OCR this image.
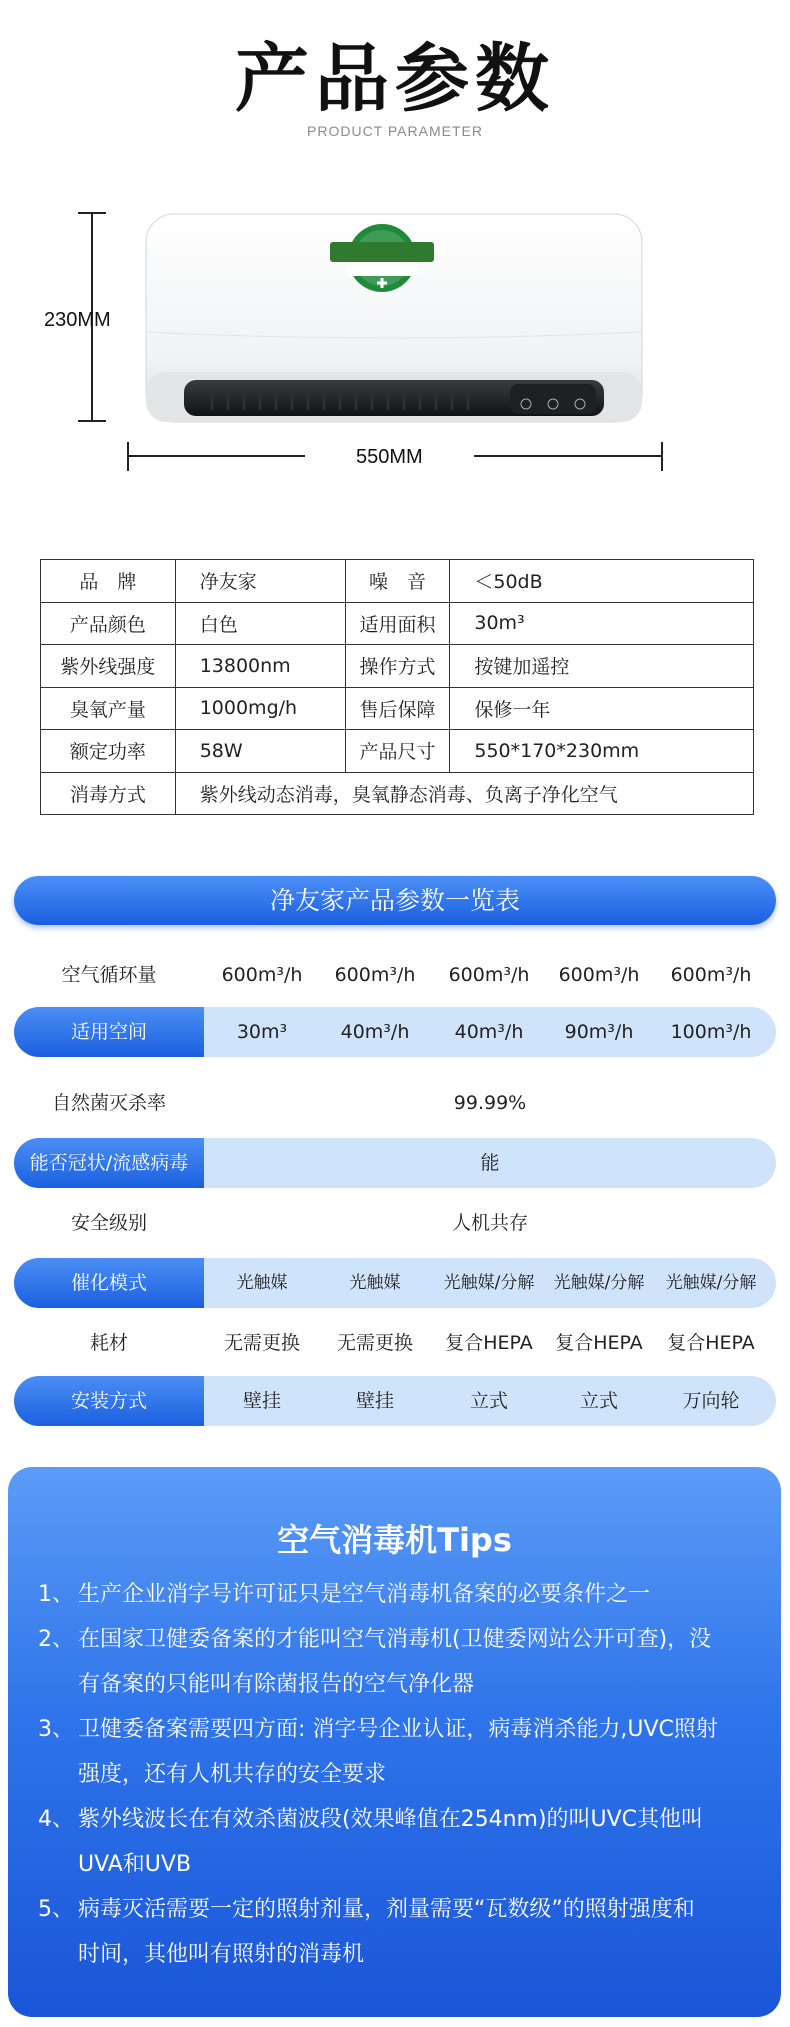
产品参数
PRODUCT PARAMETER
230MM
550MM
品　牌	净友家	噪　音	＜50dB
产品颜色	白色	适用面积	30m³
紫外线强度	13800nm	操作方式	按键加遥控
臭氧产量	1000mg/h	售后保障	保修一年
额定功率	58W	产品尺寸	550*170*230mm
消毒方式	紫外线动态消毒，臭氧静态消毒、负离子净化空气		
净友家产品参数一览表
空气循环量	600m³/h	600m³/h	600m³/h	600m³/h	600m³/h
适用空间	30m³	40m³/h	40m³/h	90m³/h	100m³/h
自然菌灭杀率	99.99%
能否冠状/流感病毒	能
安全级别	人机共存
催化模式	光触媒	光触媒	光触媒/分解	光触媒/分解	光触媒/分解
耗材	无需更换	无需更换	复合HEPA	复合HEPA	复合HEPA
安装方式	壁挂	壁挂	立式	立式	万向轮
空气消毒机Tips
1、 生产企业消字号许可证只是空气消毒机备案的必要条件之一
2、 在国家卫健委备案的才能叫空气消毒机(卫健委网站公开可查)，没
有备案的只能叫有除菌报告的空气净化器
3、 卫健委备案需要四方面: 消字号企业认证，病毒消杀能力,UVC照射
强度，还有人机共存的安全要求
4、 紫外线波长在有效杀菌波段(效果峰值在254nm)的叫UVC其他叫
UVA和UVB
5、 病毒灭活需要一定的照射剂量，剂量需要“瓦数级”的照射强度和
时间，其他叫有照射的消毒机
